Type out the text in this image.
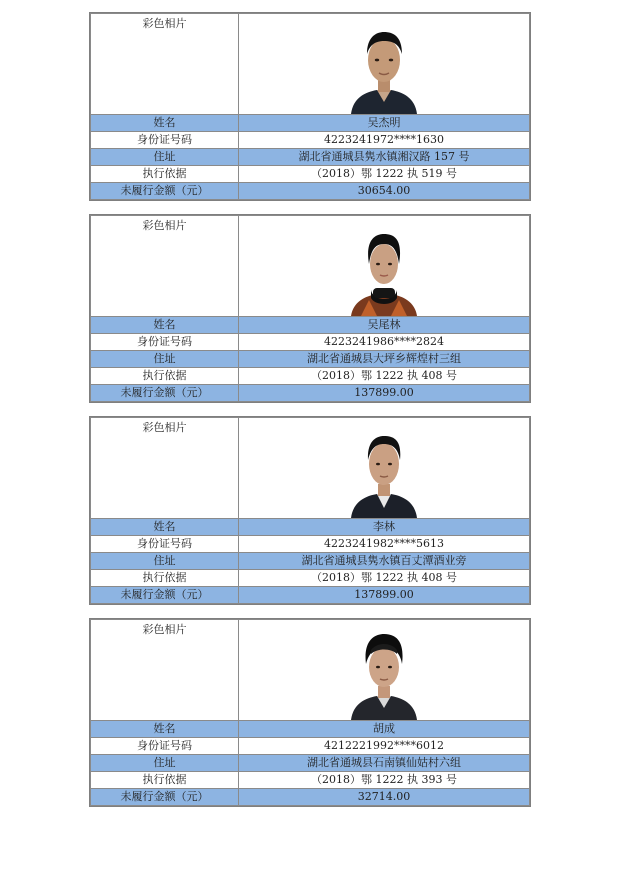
彩色相片

姓名	吴杰明
身份证号码	4223241972****1630
住址	湖北省通城县隽水镇湘汉路 157 号
执行依据	（2018）鄂 1222 执 519 号
未履行金额（元）	30654.00
彩色相片

姓名	吴尾林
身份证号码	4223241986****2824
住址	湖北省通城县大坪乡辉煌村三组
执行依据	（2018）鄂 1222 执 408 号
未履行金额（元）	137899.00
彩色相片

姓名	李林
身份证号码	4223241982****5613
住址	湖北省通城县隽水镇百丈潭酒业旁
执行依据	（2018）鄂 1222 执 408 号
未履行金额（元）	137899.00
彩色相片

姓名	胡成
身份证号码	4212221992****6012
住址	湖北省通城县石南镇仙姑村六组
执行依据	（2018）鄂 1222 执 393 号
未履行金额（元）	32714.00
